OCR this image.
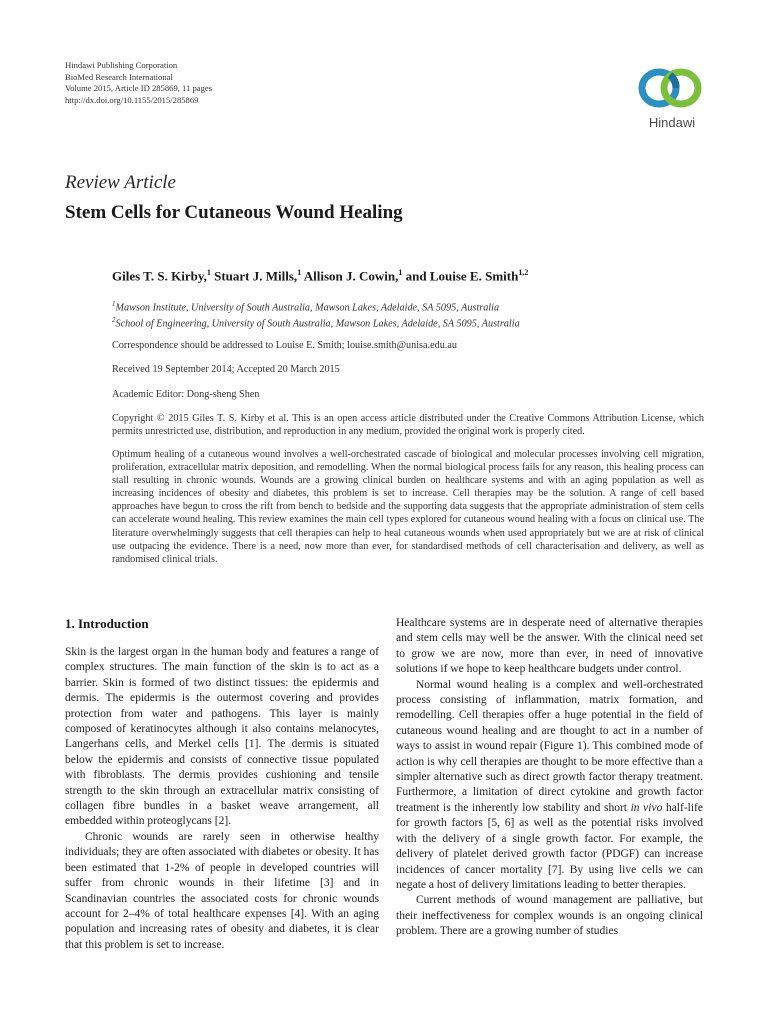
Hindawi Publishing Corporation
BioMed Research International
Volume 2015, Article ID 285869, 11 pages
http://dx.doi.org/10.1155/2015/285869
Hindawi
Review Article
Stem Cells for Cutaneous Wound Healing
Giles T. S. Kirby,$^1$ Stuart J. Mills,$^1$ Allison J. Cowin,$^1$ and Louise E. Smith$^{1,2}$
$^1$Mawson Institute, University of South Australia, Mawson Lakes, Adelaide, SA 5095, Australia
$^2$School of Engineering, University of South Australia, Mawson Lakes, Adelaide, SA 5095, Australia
Correspondence should be addressed to Louise E. Smith; louise.smith@unisa.edu.au
Received 19 September 2014; Accepted 20 March 2015
Academic Editor: Dong-sheng Shen
Copyright © 2015 Giles T. S. Kirby et al. This is an open access article distributed under the Creative Commons Attribution License, which permits unrestricted use, distribution, and reproduction in any medium, provided the original work is properly cited.
Optimum healing of a cutaneous wound involves a well-orchestrated cascade of biological and molecular processes involving cell migration, proliferation, extracellular matrix deposition, and remodelling. When the normal biological process fails for any reason, this healing process can stall resulting in chronic wounds. Wounds are a growing clinical burden on healthcare systems and with an aging population as well as increasing incidences of obesity and diabetes, this problem is set to increase. Cell therapies may be the solution. A range of cell based approaches have begun to cross the rift from bench to bedside and the supporting data suggests that the appropriate administration of stem cells can accelerate wound healing. This review examines the main cell types explored for cutaneous wound healing with a focus on clinical use. The literature overwhelmingly suggests that cell therapies can help to heal cutaneous wounds when used appropriately but we are at risk of clinical use outpacing the evidence. There is a need, now more than ever, for standardised methods of cell characterisation and delivery, as well as randomised clinical trials.
1. Introduction

Skin is the largest organ in the human body and features a range of complex structures. The main function of the skin is to act as a barrier. Skin is formed of two distinct tissues: the epidermis and dermis. The epidermis is the outermost covering and provides protection from water and pathogens. This layer is mainly composed of keratinocytes although it also contains melanocytes, Langerhans cells, and Merkel cells [1]. The dermis is situated below the epidermis and consists of connective tissue populated with fibroblasts. The dermis provides cushioning and tensile strength to the skin through an extracellular matrix consisting of collagen fibre bundles in a basket weave arrangement, all embedded within proteoglycans [2].

Chronic wounds are rarely seen in otherwise healthy individuals; they are often associated with diabetes or obesity. It has been estimated that 1-2% of people in developed countries will suffer from chronic wounds in their lifetime [3] and in Scandinavian countries the associated costs for chronic wounds account for 2–4% of total healthcare expenses [4]. With an aging population and increasing rates of obesity and diabetes, it is clear that this problem is set to increase.

Healthcare systems are in desperate need of alternative therapies and stem cells may well be the answer. With the clinical need set to grow we are now, more than ever, in need of innovative solutions if we hope to keep healthcare budgets under control.

Normal wound healing is a complex and well-orchestrated process consisting of inflammation, matrix formation, and remodelling. Cell therapies offer a huge potential in the field of cutaneous wound healing and are thought to act in a number of ways to assist in wound repair (Figure 1). This combined mode of action is why cell therapies are thought to be more effective than a simpler alternative such as direct growth factor therapy treatment. Furthermore, a limitation of direct cytokine and growth factor treatment is the inherently low stability and short in vivo half-life for growth factors [5, 6] as well as the potential risks involved with the delivery of a single growth factor. For example, the delivery of platelet derived growth factor (PDGF) can increase incidences of cancer mortality [7]. By using live cells we can negate a host of delivery limitations leading to better therapies.

Current methods of wound management are palliative, but their ineffectiveness for complex wounds is an ongoing clinical problem. There are a growing number of studies
